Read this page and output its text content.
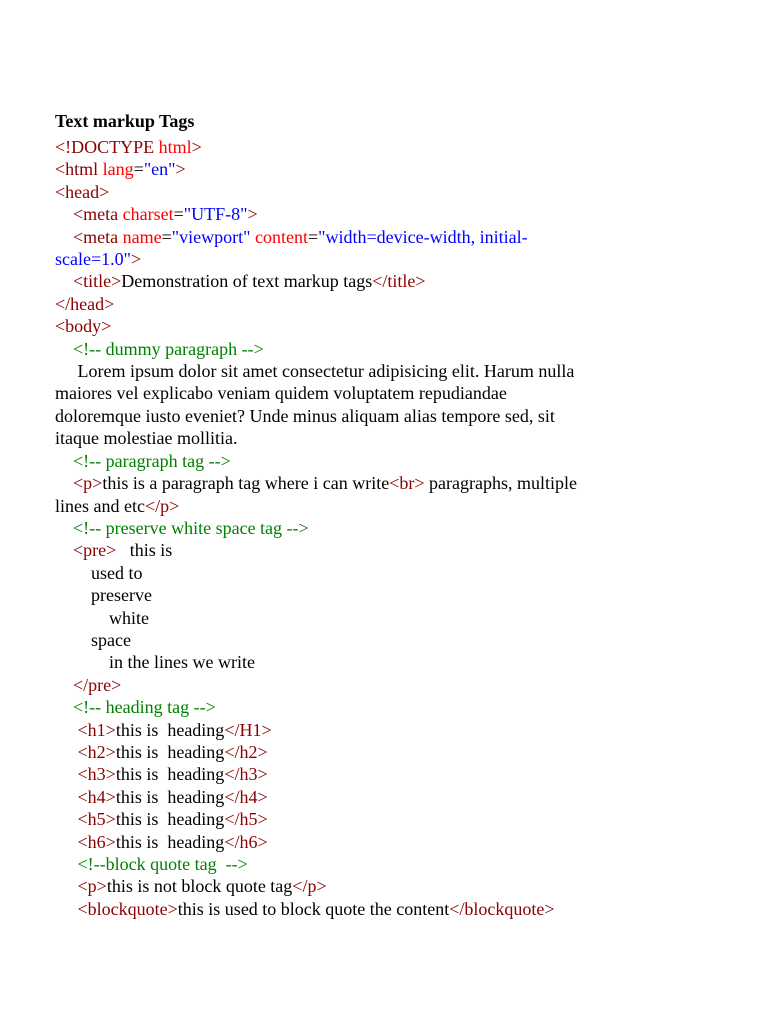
Text markup Tags
<!DOCTYPE html>
<html lang="en">
<head>
<meta charset="UTF-8">
<meta name="viewport" content="width=device-width, initial-
scale=1.0">
<title>Demonstration of text markup tags</title>
</head>
<body>
<!-- dummy paragraph -->
Lorem ipsum dolor sit amet consectetur adipisicing elit. Harum nulla
maiores vel explicabo veniam quidem voluptatem repudiandae
doloremque iusto eveniet? Unde minus aliquam alias tempore sed, sit
itaque molestiae mollitia.
<!-- paragraph tag -->
<p>this is a paragraph tag where i can write<br> paragraphs, multiple
lines and etc</p>
<!-- preserve white space tag -->
<pre>   this is
used to
preserve
white
space
in the lines we write
</pre>
<!-- heading tag -->
<h1>this is  heading</H1>
<h2>this is  heading</h2>
<h3>this is  heading</h3>
<h4>this is  heading</h4>
<h5>this is  heading</h5>
<h6>this is  heading</h6>
<!--block quote tag  -->
<p>this is not block quote tag</p>
<blockquote>this is used to block quote the content</blockquote>
